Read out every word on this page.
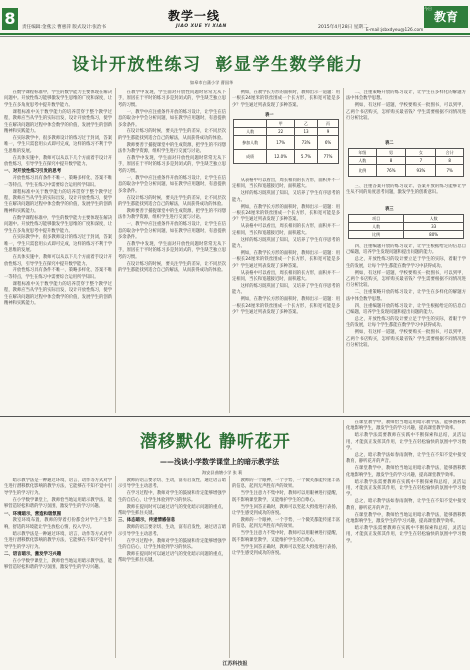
8	责任编辑:金燕云 曹惠萍 版式设计:张治书
教学一线
JIAO XUE YI XIAN	2015年4月28日 星期二
教育
今日
E-mail:jsbxdyeu@126.com
设计开放性练习 彰显学生数学能力
如皋市白蒲小学 曹国华

在数学课程标准中，学生的数学能力主要体现在解决问题中。开放性练习能够激发学生思维的广度和深度，让学生在多角度思考中提升数学能力。

课程标准中关于数学能力的培养贯穿于整个教学过程，教师应当从学生的实际出发，设计开放性练习，使学生在解决问题的过程中体会数学的价值，发展学生的创新精神和实践能力。

在实际教学中，很多教师设计的练习过于封闭，答案唯一，学生只需套用公式即可完成，这样的练习不利于学生思维的发展。

在具体实施中，教师可以从以下几个方面着手设计开放性练习，引导学生在探究中提升数学能力。

一、对开放性练习引发的思考

开放性练习具有条件不唯一、策略多样化、答案不唯一等特点，学生在练习中需要综合运用所学知识。

课程标准中关于数学能力的培养贯穿于整个教学过程，教师应当从学生的实际出发，设计开放性练习，使学生在解决问题的过程中体会数学的价值，发展学生的创新精神和实践能力。

在数学课程标准中，学生的数学能力主要体现在解决问题中。开放性练习能够激发学生思维的广度和深度，让学生在多角度思考中提升数学能力。

在实际教学中，很多教师设计的练习过于封闭，答案唯一，学生只需套用公式即可完成，这样的练习不利于学生思维的发展。

在具体实施中，教师可以从以下几个方面着手设计开放性练习，引导学生在探究中提升数学能力。

开放性练习具有条件不唯一、策略多样化、答案不唯一等特点，学生在练习中需要综合运用所学知识。

课程标准中关于数学能力的培养贯穿于整个教学过程，教师应当从学生的实际出发，设计开放性练习，使学生在解决问题的过程中体会数学的价值，发展学生的创新精神和实践能力。

在教学中发现，学生面对开放性问题时常常无从下手，原因在于平时的练习多是封闭式的，学生缺乏独立思考的习惯。

一、教学中应注重条件开放的练习设计，让学生在信息的取舍中学会分析问题，如在教学应用题时，有意提供多余条件。

在设计练习的时候，要关注学生的差异，让不同层次的学生都能找到适合自己的解法，从而获得成功的体验。

教师要善于捕捉课堂中的生成资源，把学生的不同想法作为教学资源，组织学生进行交流与讨论。

在教学中发现，学生面对开放性问题时常常无从下手，原因在于平时的练习多是封闭式的，学生缺乏独立思考的习惯。

一、教学中应注重条件开放的练习设计，让学生在信息的取舍中学会分析问题，如在教学应用题时，有意提供多余条件。

在设计练习的时候，要关注学生的差异，让不同层次的学生都能找到适合自己的解法，从而获得成功的体验。

教师要善于捕捉课堂中的生成资源，把学生的不同想法作为教学资源，组织学生进行交流与讨论。

一、教学中应注重条件开放的练习设计，让学生在信息的取舍中学会分析问题，如在教学应用题时，有意提供多余条件。

在教学中发现，学生面对开放性问题时常常无从下手，原因在于平时的练习多是封闭式的，学生缺乏独立思考的习惯。

在设计练习的时候，要关注学生的差异，让不同层次的学生都能找到适合自己的解法，从而获得成功的体验。

例如，在教学长方形的面积时，教师出示一道题：用一根长24厘米的铁丝围成一个长方形，长和宽可能是多少？学生通过列表发现了多种答案。

表一
	甲	乙	丙
人数	22	13	9
参加人数	17%	73%	6%
成绩	12.0%	5.7%	77%

从表格中可以看出，周长相同的长方形，面积并不一定相同，当长和宽越接近时，面积越大。

这样的练习既巩固了知识，又培养了学生有序思考的能力。

例如，在教学长方形的面积时，教师出示一道题：用一根长24厘米的铁丝围成一个长方形，长和宽可能是多少？学生通过列表发现了多种答案。

从表格中可以看出，周长相同的长方形，面积并不一定相同，当长和宽越接近时，面积越大。

这样的练习既巩固了知识，又培养了学生有序思考的能力。

例如，在教学长方形的面积时，教师出示一道题：用一根长24厘米的铁丝围成一个长方形，长和宽可能是多少？学生通过列表发现了多种答案。

从表格中可以看出，周长相同的长方形，面积并不一定相同，当长和宽越接近时，面积越大。

这样的练习既巩固了知识，又培养了学生有序思考的能力。

例如，在教学长方形的面积时，教师出示一道题：用一根长24厘米的铁丝围成一个长方形，长和宽可能是多少？学生通过列表发现了多种答案。

二、注重策略开放的练习设计，让学生在多样化的解题方法中体会数学思想。

例如，有这样一道题，学校要购买一批图书，可以到甲、乙两个书店购买，怎样购买最省钱？学生需要根据不同情况进行分析比较。

表二
年级	男	女	合计
人数	8	7	8
比例	76%	93%	7%

三、注重答案开放的练习设计。答案开放的练习能够让学生从不同的角度思考问题，激发学生的创新意识。

表三
项目	人数
人数	33
比例	80%

四、注重编题开放的练习设计，让学生根据给定的信息自己编题，培养学生发现问题和提出问题的能力。

总之，开放性练习的设计要立足于学生的实际，着眼于学生的发展，让每个学生都能在数学学习中获得成功。

例如，有这样一道题，学校要购买一批图书，可以到甲、乙两个书店购买，怎样购买最省钱？学生需要根据不同情况进行分析比较。

二、注重策略开放的练习设计，让学生在多样化的解题方法中体会数学思想。

四、注重编题开放的练习设计，让学生根据给定的信息自己编题，培养学生发现问题和提出问题的能力。

总之，开放性练习的设计要立足于学生的实际，着眼于学生的发展，让每个学生都能在数学学习中获得成功。

例如，有这样一道题，学校要购买一批图书，可以到甲、乙两个书店购买，怎样购买最省钱？学生需要根据不同情况进行分析比较。

潜移默化 静听花开
——浅谈小学数学课堂上的暗示教学法
海安县曲塘小学 张 莉

暗示教学法是一种通过环境、语言、动作等方式对学生进行潜移默化影响的教学方法，它能够在不知不觉中引导学生的学习行为。

在小学数学课堂上，教师恰当地运用暗示教学法，能够营造轻松和谐的学习氛围，激发学生的学习兴趣。

一、环境暗示，营造和谐氛围

教室环境布置、教师的穿着打扮都会对学生产生影响，舒适的环境能让学生放松心情，投入学习。

暗示教学法是一种通过环境、语言、动作等方式对学生进行潜移默化影响的教学方法，它能够在不知不觉中引导学生的学习行为。

二、语言暗示，激发学习兴趣

在小学数学课堂上，教师恰当地运用暗示教学法，能够营造轻松和谐的学习氛围，激发学生的学习兴趣。

教师的语言要亲切、生动，富有启发性，通过语言暗示引导学生主动思考。

在学习过程中，教师对学生的鼓励和肯定能够增强学生的自信心，让学生体验到学习的快乐。

教师在提问时可以通过语气的变化暗示问题的重点，帮助学生抓住关键。

三、体态暗示，传递情感信息

教师的语言要亲切、生动，富有启发性，通过语言暗示引导学生主动思考。

在学习过程中，教师对学生的鼓励和肯定能够增强学生的自信心，让学生体验到学习的快乐。

教师在提问时可以通过语气的变化暗示问题的重点，帮助学生抓住关键。

教师的一个眼神、一个手势、一个微笑都能传递丰富的信息，起到无声胜有声的效果。

当学生注意力不集中时，教师可以用眼神进行提醒，既不影响课堂教学，又能维护学生的自尊心。

当学生回答正确时，教师可以竖起大拇指进行表扬，让学生感受到成功的喜悦。

教师的一个眼神、一个手势、一个微笑都能传递丰富的信息，起到无声胜有声的效果。

当学生注意力不集中时，教师可以用眼神进行提醒，既不影响课堂教学，又能维护学生的自尊心。

当学生回答正确时，教师可以竖起大拇指进行表扬，让学生感受到成功的喜悦。

在课堂教学中，教师恰当地运用暗示教学法，能够潜移默化地影响学生，激发学生的学习兴趣，提高课堂教学效率。

暗示教学法需要教师在实践中不断探索和总结，灵活运用，才能真正发挥其作用，让学生在轻松愉快的氛围中学习数学。

总之，暗示教学法如春雨润物，让学生在不知不觉中接受教育，静听花开的声音。

在课堂教学中，教师恰当地运用暗示教学法，能够潜移默化地影响学生，激发学生的学习兴趣，提高课堂教学效率。

暗示教学法需要教师在实践中不断探索和总结，灵活运用，才能真正发挥其作用，让学生在轻松愉快的氛围中学习数学。

总之，暗示教学法如春雨润物，让学生在不知不觉中接受教育，静听花开的声音。

在课堂教学中，教师恰当地运用暗示教学法，能够潜移默化地影响学生，激发学生的学习兴趣，提高课堂教学效率。

暗示教学法需要教师在实践中不断探索和总结，灵活运用，才能真正发挥其作用，让学生在轻松愉快的氛围中学习数学。

江苏科技报
